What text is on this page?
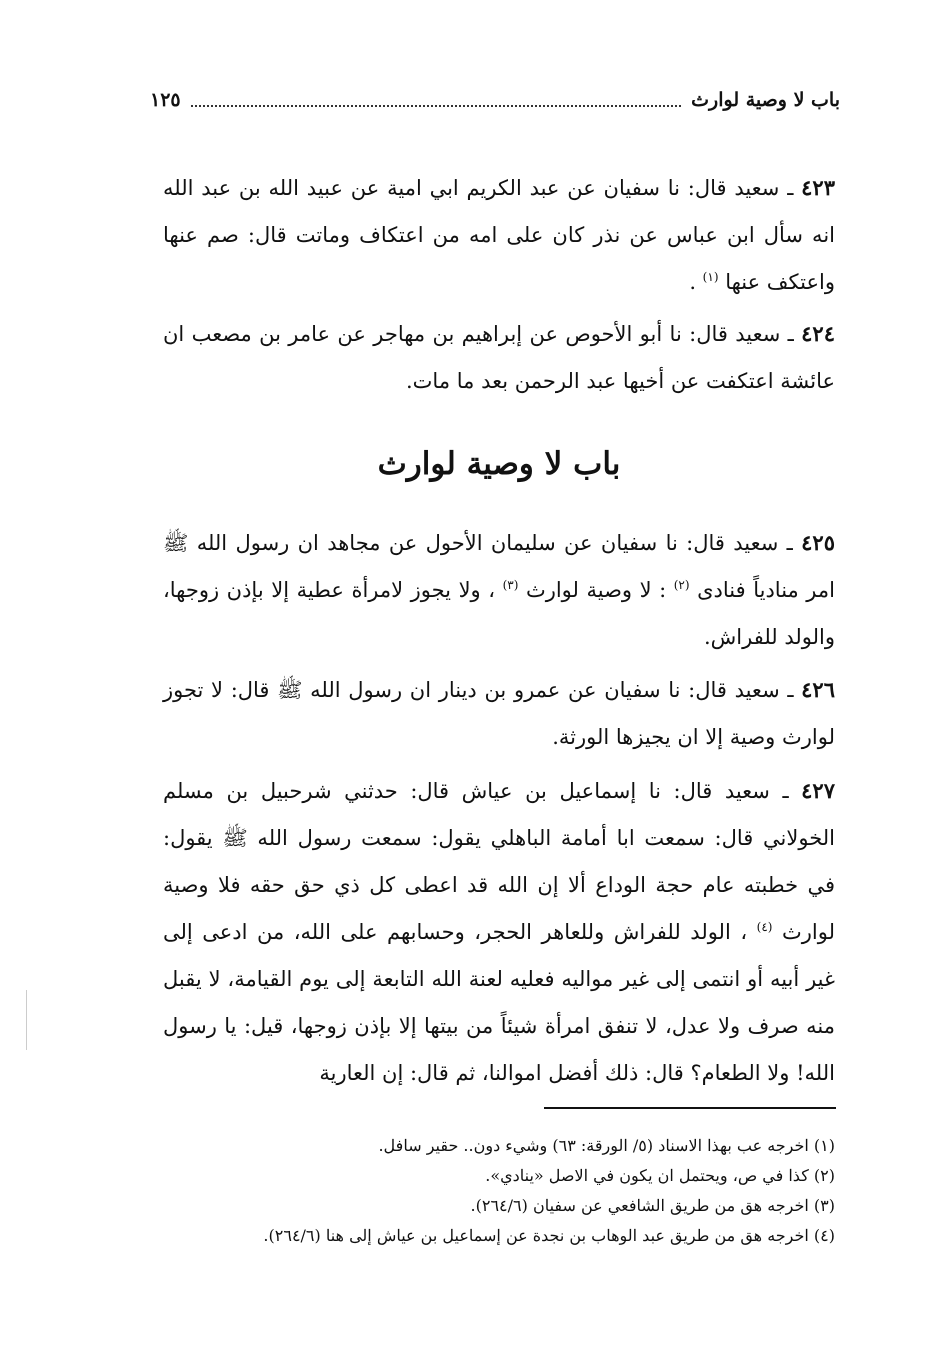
باب لا وصية لوارث
١٢٥
٤٢٣ ـ سعيد قال: نا سفيان عن عبد الكريم ابي امية عن عبيد الله بن عبد الله انه سأل ابن عباس عن نذر كان على امه من اعتكاف وماتت قال: صم عنها واعتكف عنها $^{(١)}$ .
٤٢٤ ـ سعيد قال: نا أبو الأحوص عن إبراهيم بن مهاجر عن عامر بن مصعب ان عائشة اعتكفت عن أخيها عبد الرحمن بعد ما مات.
باب لا وصية لوارث
٤٢٥ ـ سعيد قال: نا سفيان عن سليمان الأحول عن مجاهد ان رسول الله ﷺ امر منادياً فنادى $^{(٢)}$ : لا وصية لوارث $^{(٣)}$ ، ولا يجوز لامرأة عطية إلا بإذن زوجها، والولد للفراش.
٤٢٦ ـ سعيد قال: نا سفيان عن عمرو بن دينار ان رسول الله ﷺ قال: لا تجوز لوارث وصية إلا ان يجيزها الورثة.
٤٢٧ ـ سعيد قال: نا إسماعيل بن عياش قال: حدثني شرحبيل بن مسلم الخولاني قال: سمعت ابا أمامة الباهلي يقول: سمعت رسول الله ﷺ يقول: في خطبته عام حجة الوداع ألا إن الله قد اعطى كل ذي حق حقه فلا وصية لوارث $^{(٤)}$ ، الولد للفراش وللعاهر الحجر، وحسابهم على الله، من ادعى إلى غير أبيه أو انتمى إلى غير مواليه فعليه لعنة الله التابعة إلى يوم القيامة، لا يقبل منه صرف ولا عدل، لا تنفق امرأة شيئاً من بيتها إلا بإذن زوجها، قيل: يا رسول الله! ولا الطعام؟ قال: ذلك أفضل اموالنا، ثم قال: إن العارية
(١) اخرجه عب بهذا الاسناد (٥/ الورقة: ٦٣) وشيء دون.. حقير سافل.
(٢) كذا في ص، ويحتمل ان يكون في الاصل «ينادي».
(٣) اخرجه هق من طريق الشافعي عن سفيان (٢٦٤/٦).
(٤) اخرجه هق من طريق عبد الوهاب بن نجدة عن إسماعيل بن عياش إلى هنا (٢٦٤/٦).
